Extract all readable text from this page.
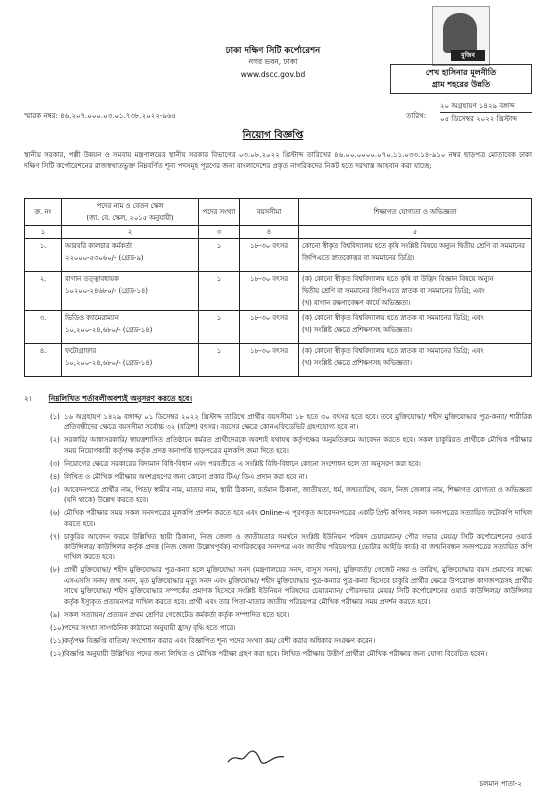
ঢাকা দক্ষিণ সিটি কর্পোরেশন
নগর ভবন, ঢাকা
www.dscc.gov.bd
মুজিব
শেখ হাসিনার মূলনীতি
গ্রাম শহরের উন্নতি
স্মারক নম্বর: ৪৬.২০৭.০০০.০৩.০১.৭৩৮.২০২২-৯৬৫	তারিখ:
২০ অগ্রহায়ণ ১৪২৯ বঙ্গাব্দ
০৫ ডিসেম্বর ২০২২ খ্রিস্টাব্দ
নিয়োগ বিজ্ঞপ্তি
স্থানীয় সরকার, পল্লী উন্নয়ন ও সমবায় মন্ত্রণালয়ের স্থানীয় সরকার বিভাগের ০৩.০৮.২০২২ খ্রিস্টাব্দ তারিখের ৪৬.০০.০০০০.০৭০.১১.০৩৩.১৪-৯১০ নম্বর ছাড়পত্র মোতাবেক ঢাকা দক্ষিণ সিটি কর্পোরেশনের রাজস্বখাতভুক্ত নিম্নবর্ণিত শূন্য পদসমূহ পূরণের জন্য বাংলাদেশের প্রকৃত নাগরিকদের নিকট হতে দরখাস্ত আহবান করা যাচ্ছে:
ক্র. নং	পদের নাম ও বেতন স্কেল
(জা. বে. স্কেল, ২০১৫ অনুযায়ী)	পদের সংখ্যা	বয়সসীমা	শিক্ষাগত যোগ্যতা ও অভিজ্ঞতা
১	২	৩	৪	৫
১.	আরবরি কালচার কর্মকর্তা
২২০০০-৫৩০৬০/- (গ্রেড-৯)	১	১৮-৩০ বৎসর	কোনো স্বীকৃত বিশ্ববিদ্যালয় হতে কৃষি সংশ্লিষ্ট বিষয়ে অন্যুন দ্বিতীয় শ্রেণি বা সমমানের জিপিএতে স্নাতকোত্তর বা সমমানের ডিগ্রি।

২.	বাগান তত্ত্বাবধায়ক
১০২০০-২৪৬৮০/- (গ্রেড-১৪)	১	১৮-৩০ বৎসর	(ক) কোনো স্বীকৃত বিশ্ববিদ্যালয় হতে কৃষি বা উদ্ভিদ বিজ্ঞান বিষয়ে অন্যুন
দ্বিতীয় শ্রেণি বা সমমানের জিপিএতে স্নাতক বা সমমানের ডিগ্রি; এবং
(খ) বাগান রক্ষণাবেক্ষণ কার্যে অভিজ্ঞতা।

৩.	ভিডিও ক্যামেরাম্যান
১০,২০০-২৪,৬৮০/- (গ্রেড-১৪)	১	১৮-৩০ বৎসর	(ক) কোনো স্বীকৃত বিশ্ববিদ্যালয় হতে স্নাতক বা সমমানের ডিগ্রি; এবং
(খ) সংশ্লিষ্ট ক্ষেত্রে প্রশিক্ষণসহ অভিজ্ঞতা।

৪.	ফটোগ্রাফার
১০,২০০-২৪,৬৮০/- (গ্রেড-১৪)	১	১৮-৩০ বৎসর	(ক) কোনো স্বীকৃত বিশ্ববিদ্যালয় হতে স্নাতক বা সমমানের ডিগ্রি; এবং
(খ) সংশ্লিষ্ট ক্ষেত্রে প্রশিক্ষণসহ অভিজ্ঞতা।
২। নিম্নলিখিত শর্তাবলীঅবশ্যই অনুসরণ করতে হবে।
(১) ১৬ অগ্রহায়ণ ১৪২৯ বঙ্গাব্দ/ ০১ ডিসেম্বর ২০২২ খ্রিস্টাব্দ তারিখে প্রার্থীর বয়সসীমা ১৮ হতে ৩০ বৎসর হতে হবে। তবে মুক্তিযোদ্ধা/ শহীদ মুক্তিযোদ্ধার পুত্র-কন্যা/ শারীরিক প্রতিবন্ধীদের ক্ষেত্রে বয়সসীমা সর্বোচ্চ ৩২ (বত্রিশ) বৎসর। বয়সের ক্ষেত্রে কোনএফিডেভিট গ্রহণযোগ্য হবে না।
(২) সরকারি/ আধাসরকারি/ স্বায়ত্তশাসিত প্রতিষ্ঠানে কর্মরত প্রার্থীদেরকে অবশ্যই যথাযথ কর্তৃপক্ষের অনুমতিক্রমে আবেদন করতে হবে। সকল চাকুরিরত প্রার্থীকে মৌখিক পরীক্ষার সময় নিয়োগকারী কর্তৃপক্ষ কর্তৃক প্রদত্ত অনাপত্তি ছাড়পত্রের মূলকপি জমা দিতে হবে।
(৩) নিয়োগের ক্ষেত্রে সরকারের বিদ্যমান বিধি-বিধান এবং পরবর্তীতে এ সংশ্লিষ্ট বিধি-বিধানে কোনো সংশোধন হলে তা অনুসরণ করা হবে।
(৪) লিখিত ও মৌখিক পরীক্ষায় অংশগ্রহণের জন্য কোনো প্রকার টিএ/ ডিএ প্রদান করা হবে না।
(৫) আবেদনপত্রে প্রার্থীর নাম, পিতা/ স্বামীর নাম, মাতার নাম, স্থায়ী ঠিকানা, বর্তমান ঠিকানা, জাতীয়তা, ধর্ম, জন্মতারিখ, বয়স, নিজ জেলার নাম, শিক্ষাগত যোগ্যতা ও অভিজ্ঞতা (যদি থাকে) উল্লেখ করতে হবে।
(৬) মৌখিক পরীক্ষার সময় সকল সনদপত্রের মূলকপি প্রদর্শন করতে হবে এবং Online-এ পূরণকৃত আবেদনপত্রের একটি প্রিন্ট কপিসহ সকল সনদপত্রের সত্যায়িত ফটোকপি দাখিল করতে হবে।
(৭) চাকুরির আবেদন ফরমে উল্লিখিত স্থায়ী ঠিকানা, নিজ জেলা ও জাতীয়তার সমর্থনে সংশ্লিষ্ট ইউনিয়ন পরিষদ চেয়ারম্যান/ পৌর সভার মেয়র/ সিটি কর্পোরেশনের ওয়ার্ড কাউন্সিলর/ কাউন্সিলর কর্তৃক প্রদত্ত (নিজ জেলা উল্লেখপূর্বক) নাগরিকত্বের সনদপত্র এবং জাতীয় পরিচয়পত্র (ভোটার আইডি কার্ড) বা জন্মনিবন্ধন সনদপত্রের সত্যায়িত কপি দাখিল করতে হবে।
(৮) প্রার্থী মুক্তিযোদ্ধা/ শহীদ মুক্তিযোদ্ধার পুত্র-কন্যা হলে মুক্তিযোদ্ধা সনদ (মন্ত্রণালয়ের সনদ, বাসুস সনদ), মুক্তিবার্তা/ গেজেট নম্বর ও তারিখ, মুক্তিযোদ্ধার বয়স প্রমাণের লক্ষ্যে এসএসসি সনদ/ জন্ম সনদ, মৃত মুক্তিযোদ্ধার মৃত্যু সনদ এবং মুক্তিযোদ্ধা/ শহীদ মুক্তিযোদ্ধার পুত্র-কন্যার পুত্র-কন্যা হিসেবে চাকুরি প্রার্থীর ক্ষেত্রে উপরোক্ত কাগজপত্রসহ প্রার্থীর সাথে মুক্তিযোদ্ধা/ শহীদ মুক্তিযোদ্ধার সম্পর্কের প্রমাণক হিসেবে সংশ্লিষ্ট ইউনিয়ন পরিষদের চেয়ারম্যান/ পৌরসভার মেয়র/ সিটি কর্পোরেশনের ওয়ার্ড কাউন্সিলর/ কাউন্সিলর কর্তৃক ইস্যুকৃত প্রত্যয়নপত্র দাখিল করতে হবে। প্রার্থী এবং তার পিতা-মাতার জাতীয় পরিচয়পত্র মৌখিক পরীক্ষার সময় প্রদর্শন করতে হবে।
(৯) সকল সত্যায়ন/ প্রত্যয়ন প্রথম শ্রেণির গেজেটেড কর্মকর্তা কর্তৃক সম্পাদিত হতে হবে।
(১০) পদের সংখ্যা সাংগঠনিক কাঠামো অনুযায়ী হ্রাস/ বৃদ্ধি হতে পারে।
(১১) কর্তৃপক্ষ বিজ্ঞপ্তি বাতিল/ সংশোধন করার এবং বিজ্ঞাপিত শূন্য পদের সংখ্যা কম/ বেশী করার অধিকার সংরক্ষণ করেন।
(১২) বিজ্ঞপ্তি অনুযায়ী উল্লিখিত পদের জন্য লিখিত ও মৌখিক পরীক্ষা গ্রহণ করা হবে। লিখিত পরীক্ষায় উত্তীর্ণ প্রার্থীরা মৌখিক পরীক্ষার জন্য যোগ্য বিবেচিত হবেন।
চলমান পাতা-২
